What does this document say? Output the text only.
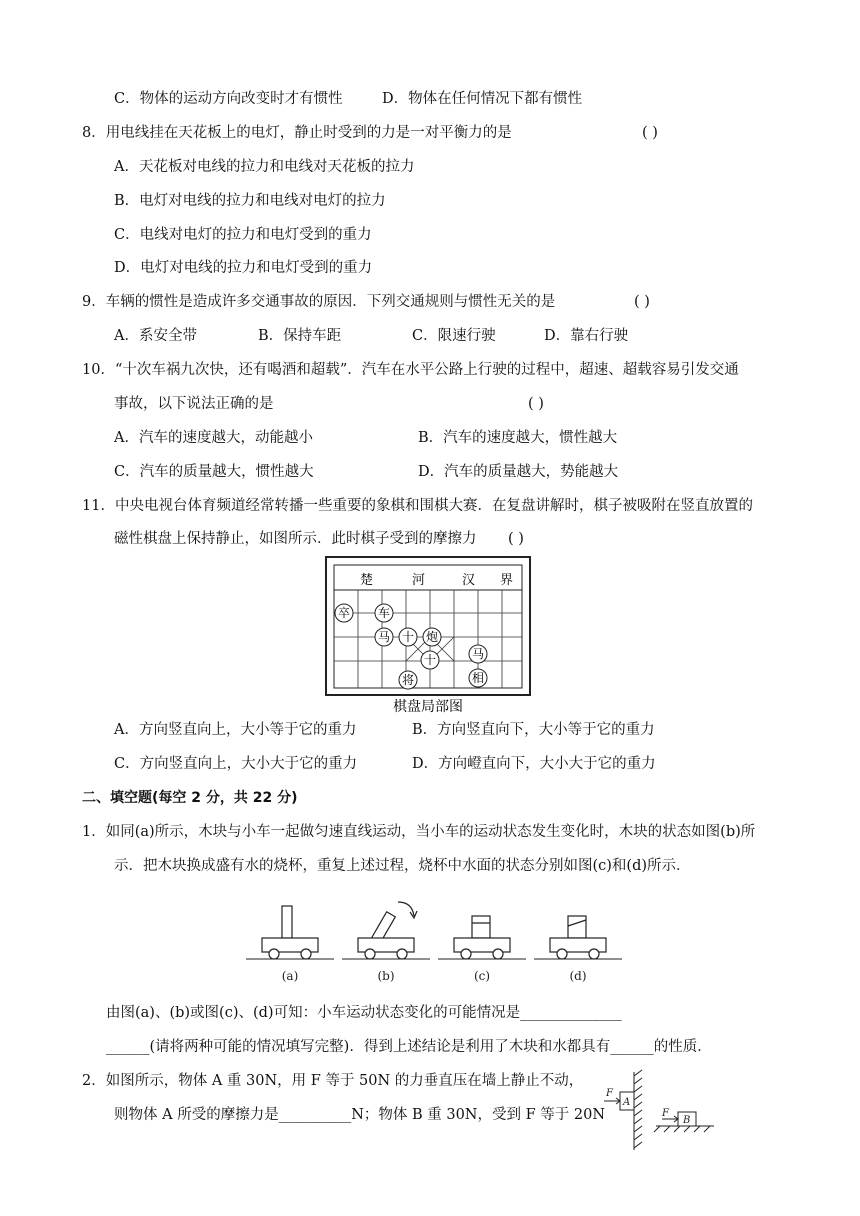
C．物体的运动方向改变时才有惯性	D．物体在任何情况下都有惯性
8．用电线挂在天花板上的电灯，静止时受到的力是一对平衡力的是	( )
A．天花板对电线的拉力和电线对天花板的拉力
B．电灯对电线的拉力和电线对电灯的拉力
C．电线对电灯的拉力和电灯受到的重力
D．电灯对电线的拉力和电灯受到的重力
9．车辆的惯性是造成许多交通事故的原因．下列交通规则与惯性无关的是	( )
A．系安全带	B．保持车距	C．限速行驶	D．靠右行驶
10．“十次车祸九次快，还有喝酒和超载”．汽车在水平公路上行驶的过程中，超速、超载容易引发交通
事故，以下说法正确的是	( )
A．汽车的速度越大，动能越小	B．汽车的速度越大，惯性越大
C．汽车的质量越大，惯性越大	D．汽车的质量越大，势能越大
11．中央电视台体育频道经常转播一些重要的象棋和围棋大赛．在复盘讲解时，棋子被吸附在竖直放置的
磁性棋盘上保持静止，如图所示．此时棋子受到的摩擦力 ( )
楚	河	汉 界
卒 车
马 十 炮
十	马
将	相
棋盘局部图
A．方向竖直向上，大小等于它的重力	B．方向竖直向下，大小等于它的重力
C．方向竖直向上，大小大于它的重力	D．方向嶝直向下，大小大于它的重力
二、填空题(每空 2 分，共 22 分)
1．如同(a)所示，木块与小车一起做匀速直线运动，当小车的运动状态发生变化时，木块的状态如图(b)所
示．把木块换成盛有水的烧杯，重复上述过程，烧杯中水面的状态分别如图(c)和(d)所示．
(a)	(b)	(c)	(d)
由图(a)、(b)或图(c)、(d)可知：小车运动状态变化的可能情况是______________
______(请将两种可能的情况填写完整)．得到上述结论是利用了木块和水都具有______的性质．
2．如图所示，物体 A 重 30N，用 F 等于 50N 的力垂直压在墙上静止不动，
则物体 A 所受的摩擦力是__________N；物体 B 重 30N，受到 F 等于 20N
F
A
F
B
